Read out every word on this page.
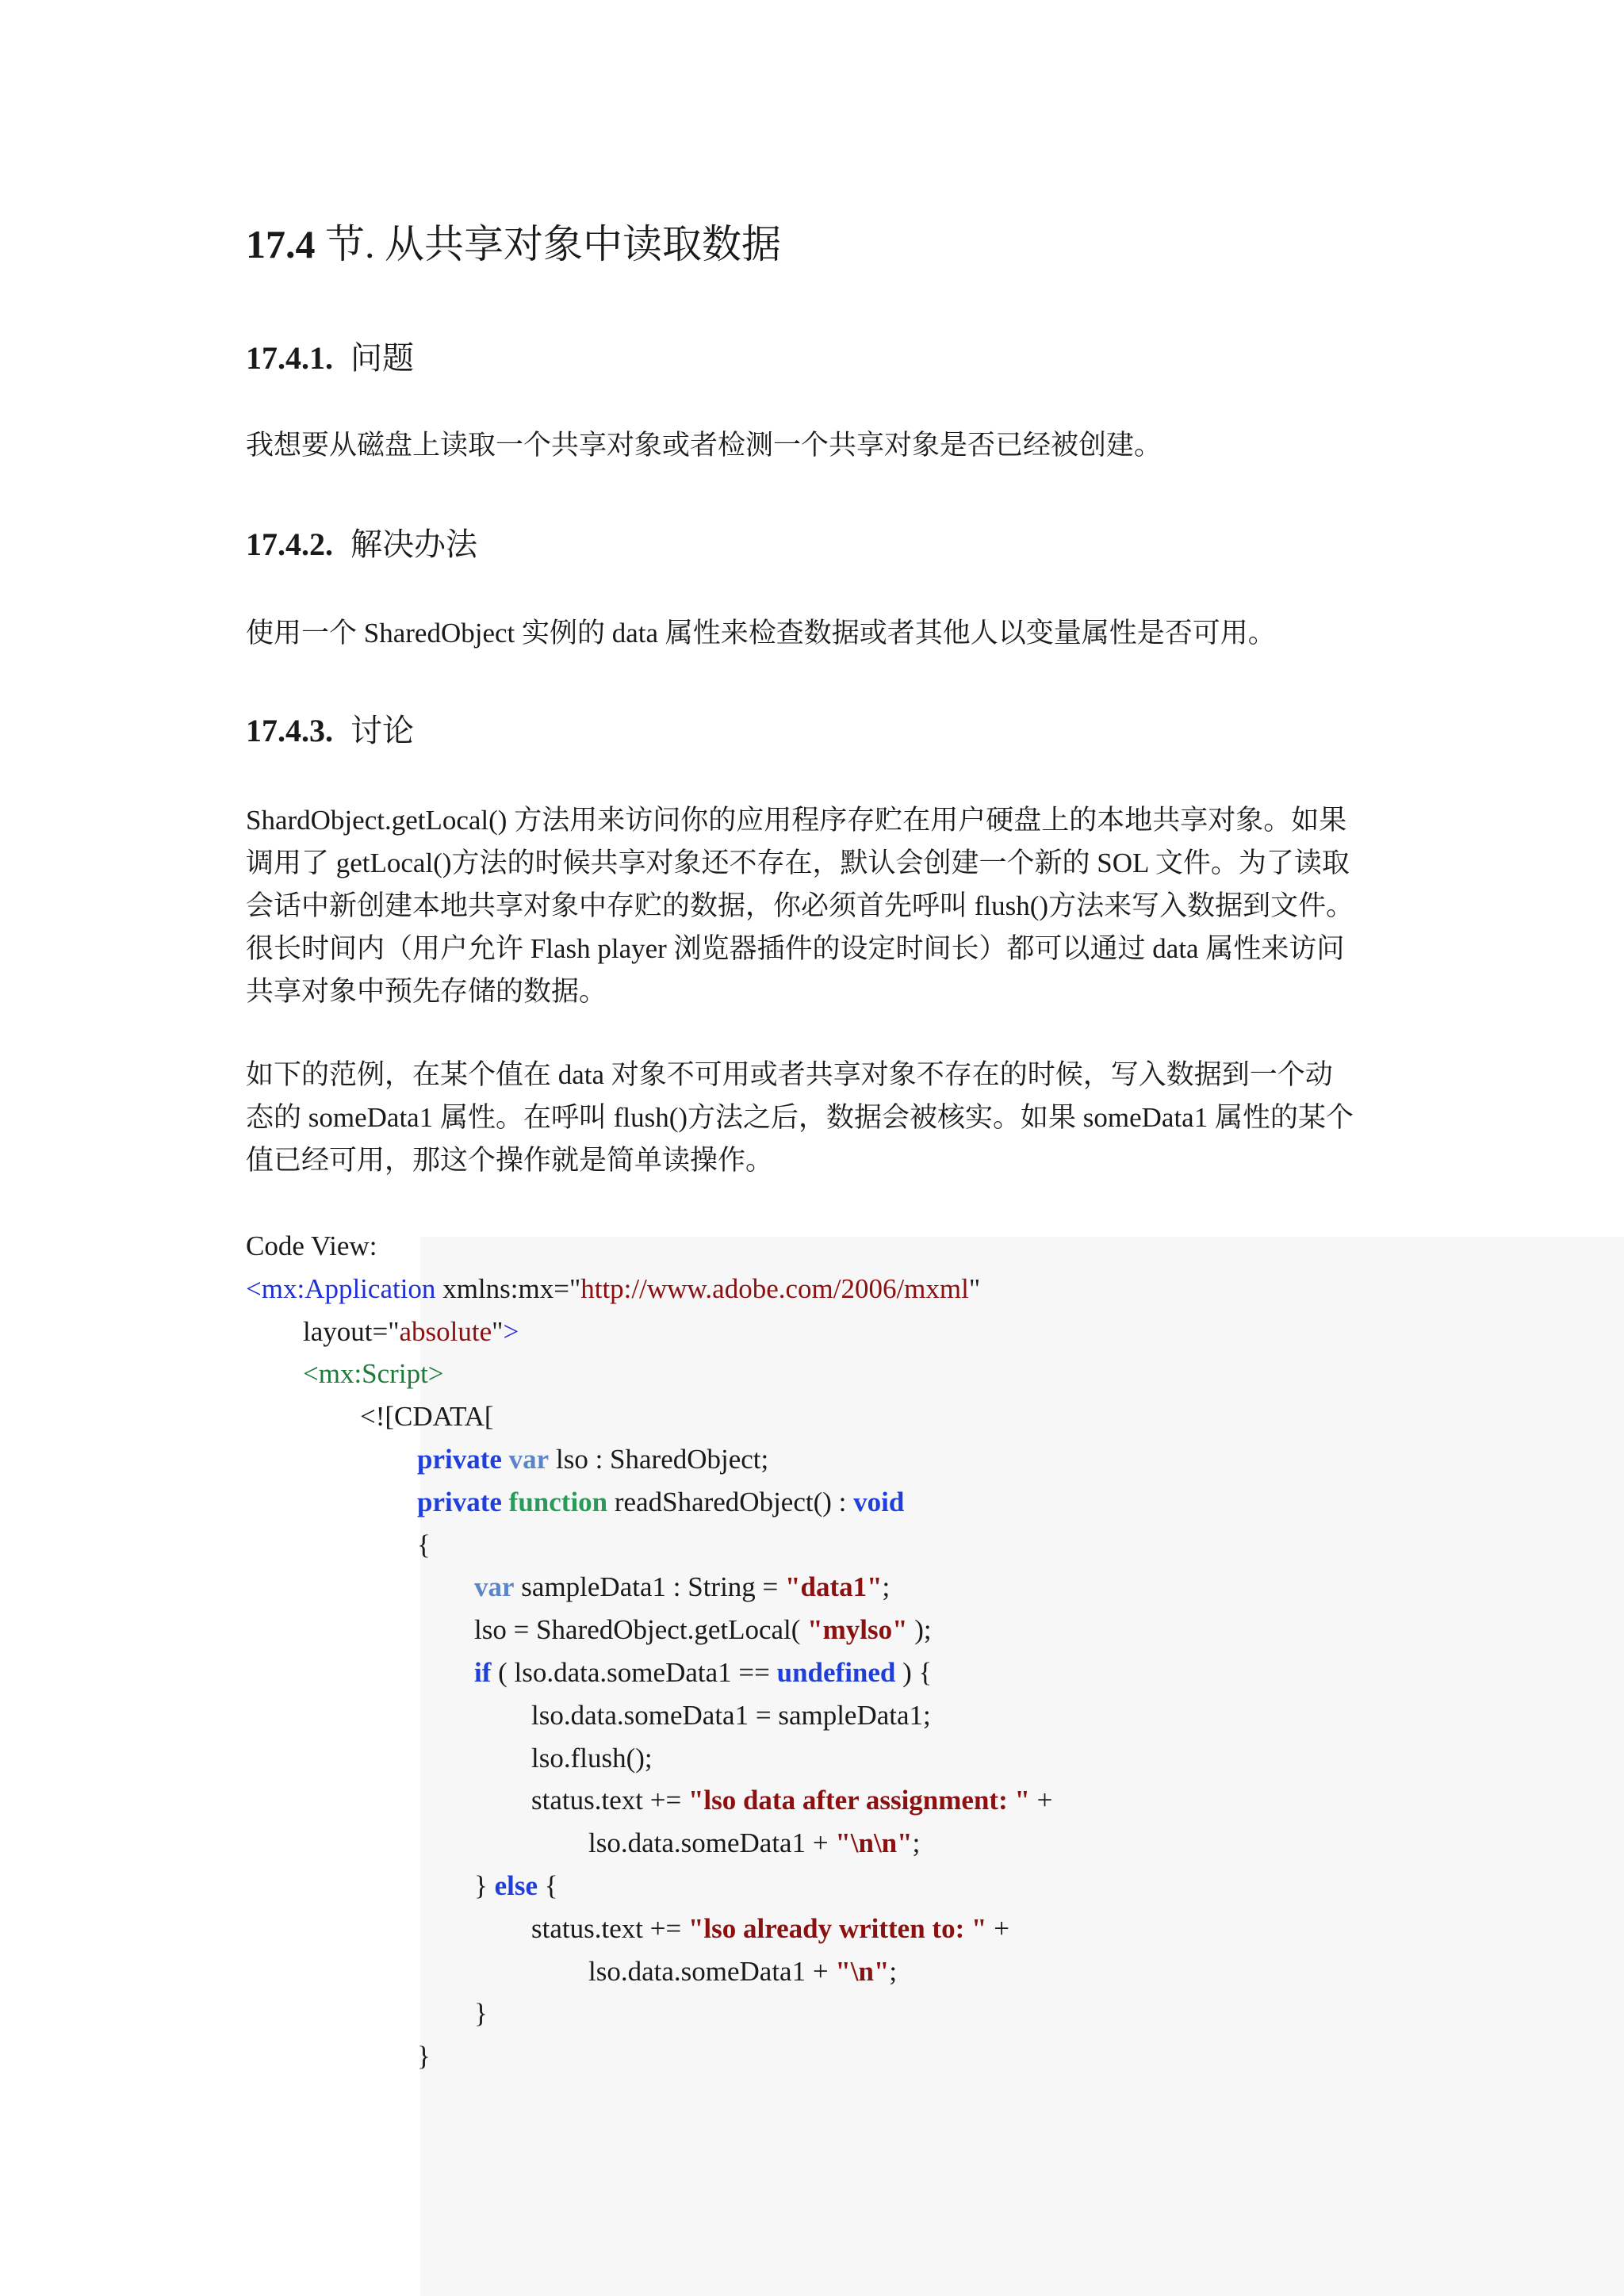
17.4 节. 从共享对象中读取数据
17.4.1. 问题

我想要从磁盘上读取一个共享对象或者检测一个共享对象是否已经被创建。

17.4.2. 解决办法

使用一个 SharedObject 实例的 data 属性来检查数据或者其他人以变量属性是否可用。

17.4.3. 讨论

ShardObject.getLocal() 方法用来访问你的应用程序存贮在用户硬盘上的本地共享对象。如果
调用了 getLocal()方法的时候共享对象还不存在，默认会创建一个新的 SOL 文件。为了读取
会话中新创建本地共享对象中存贮的数据，你必须首先呼叫 flush()方法来写入数据到文件。
很长时间内（用户允许 Flash player 浏览器插件的设定时间长）都可以通过 data 属性来访问
共享对象中预先存储的数据。

如下的范例，在某个值在 data 对象不可用或者共享对象不存在的时候，写入数据到一个动
态的 someData1 属性。在呼叫 flush()方法之后，数据会被核实。如果 someData1 属性的某个
值已经可用，那这个操作就是简单读操作。

Code View:
<mx:Application xmlns:mx="http://www.adobe.com/2006/mxml"
layout="absolute">
<mx:Script>
<![CDATA[
private var lso : SharedObject;
private function readSharedObject() : void
{
var sampleData1 : String = "data1";
lso = SharedObject.getLocal( "mylso" );
if ( lso.data.someData1 == undefined ) {
lso.data.someData1 = sampleData1;
lso.flush();
status.text += "lso data after assignment: " +
lso.data.someData1 + "\n\n";
} else {
status.text += "lso already written to: " +
lso.data.someData1 + "\n";
}
}
